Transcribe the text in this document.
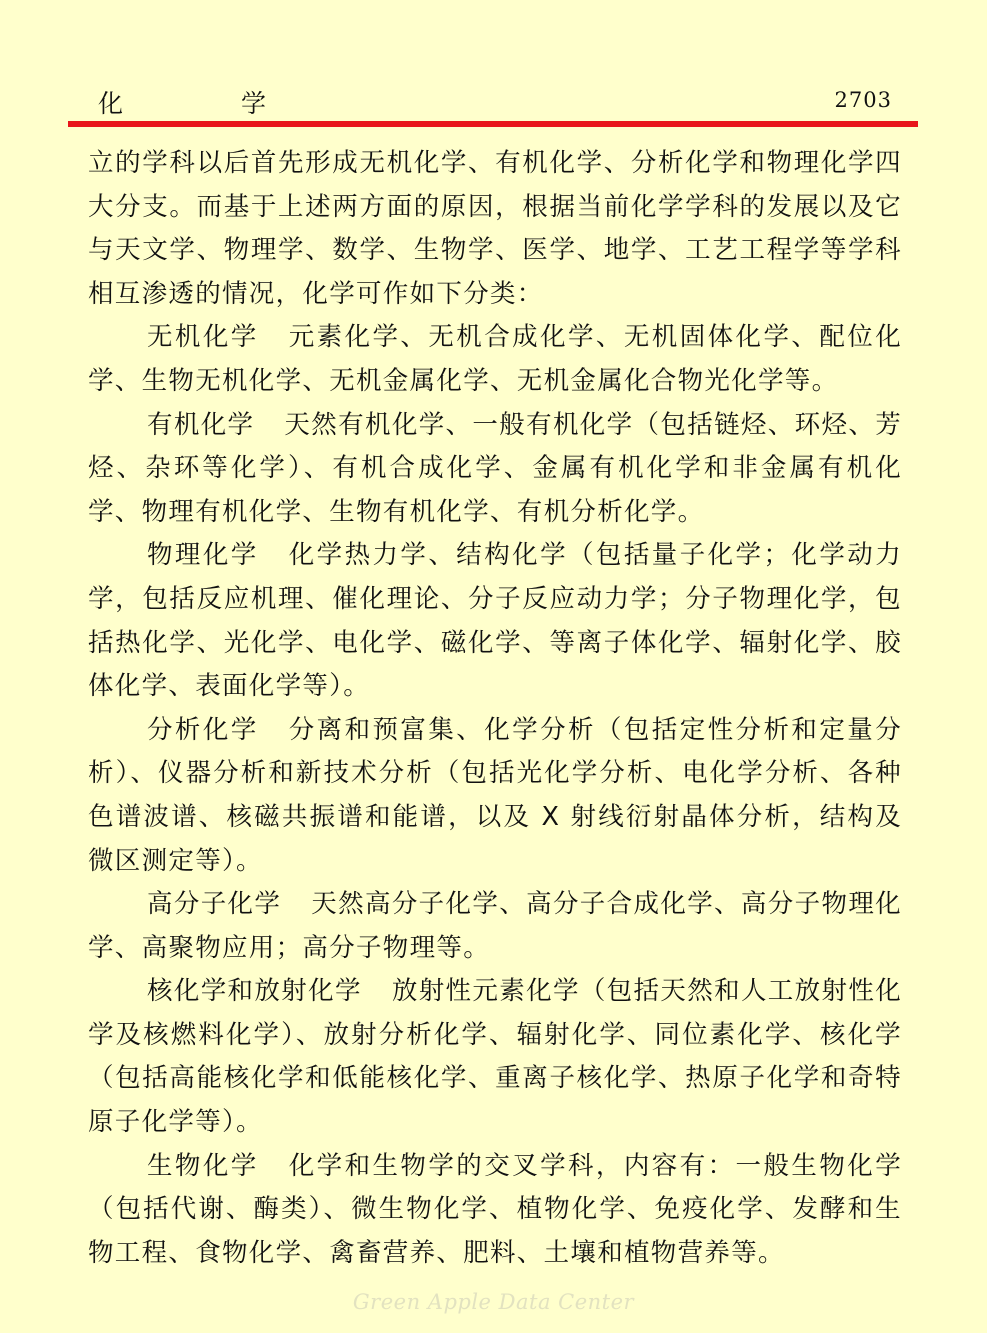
化学	2703

立的学科以后首先形成无机化学、有机化学、分析化学和物理化学四大分支。而基于上述两方面的原因，根据当前化学学科的发展以及它与天文学、物理学、数学、生物学、医学、地学、工艺工程学等学科相互渗透的情况，化学可作如下分类：

无机化学 元素化学、无机合成化学、无机固体化学、配位化学、生物无机化学、无机金属化学、无机金属化合物光化学等。

有机化学 天然有机化学、一般有机化学（包括链烃、环烃、芳烃、杂环等化学）、有机合成化学、金属有机化学和非金属有机化学、物理有机化学、生物有机化学、有机分析化学。

物理化学 化学热力学、结构化学（包括量子化学；化学动力学，包括反应机理、催化理论、分子反应动力学；分子物理化学，包括热化学、光化学、电化学、磁化学、等离子体化学、辐射化学、胶体化学、表面化学等）。

分析化学 分离和预富集、化学分析（包括定性分析和定量分析）、仪器分析和新技术分析（包括光化学分析、电化学分析、各种色谱波谱、核磁共振谱和能谱，以及 X 射线衍射晶体分析，结构及微区测定等）。

高分子化学 天然高分子化学、高分子合成化学、高分子物理化学、高聚物应用；高分子物理等。

核化学和放射化学 放射性元素化学（包括天然和人工放射性化学及核燃料化学）、放射分析化学、辐射化学、同位素化学、核化学（包括高能核化学和低能核化学、重离子核化学、热原子化学和奇特原子化学等）。

生物化学 化学和生物学的交叉学科，内容有：一般生物化学（包括代谢、酶类）、微生物化学、植物化学、免疫化学、发酵和生物工程、食物化学、禽畜营养、肥料、土壤和植物营养等。

Green Apple Data Center
